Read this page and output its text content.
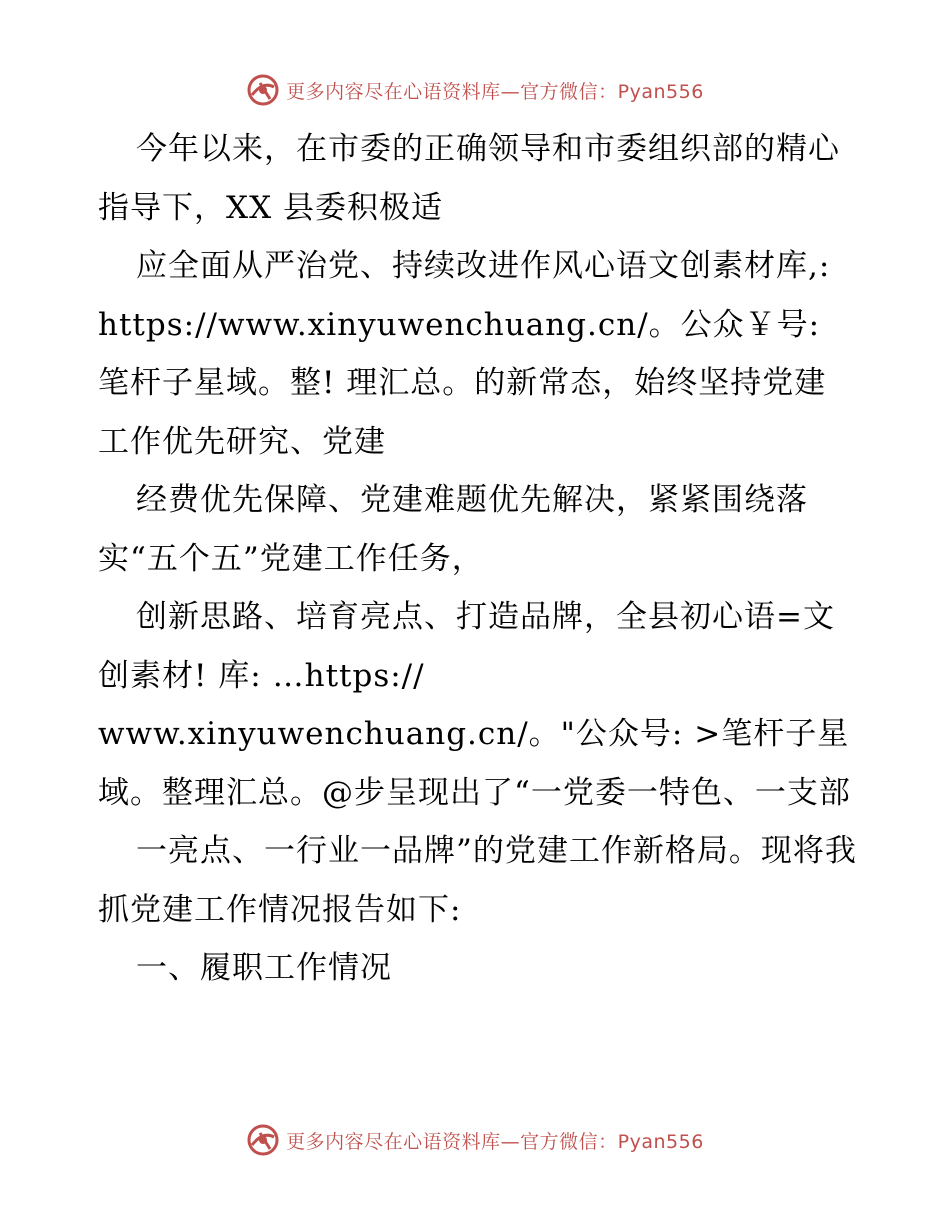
更多内容尽在心语资料库—官方微信：Pyan556

今年以来，在市委的正确领导和市委组织部的精心指导下，XX 县委积极适

应全面从严治党、持续改进作风心语文创素材库,: https://www.xinyuwenchuang.cn/。公众￥号: 笔杆子星域。整! 理汇总。的新常态，始终坚持党建工作优先研究、党建

经费优先保障、党建难题优先解决，紧紧围绕落实“五个五”党建工作任务，

创新思路、培育亮点、打造品牌，全县初心语=文创素材! 库: …https://

www.xinyuwenchuang.cn/。"公众号: >笔杆子星域。整理汇总。@步呈现出了“一党委一特色、一支部

一亮点、一行业一品牌”的党建工作新格局。现将我抓党建工作情况报告如下:

一、履职工作情况

更多内容尽在心语资料库—官方微信：Pyan556
